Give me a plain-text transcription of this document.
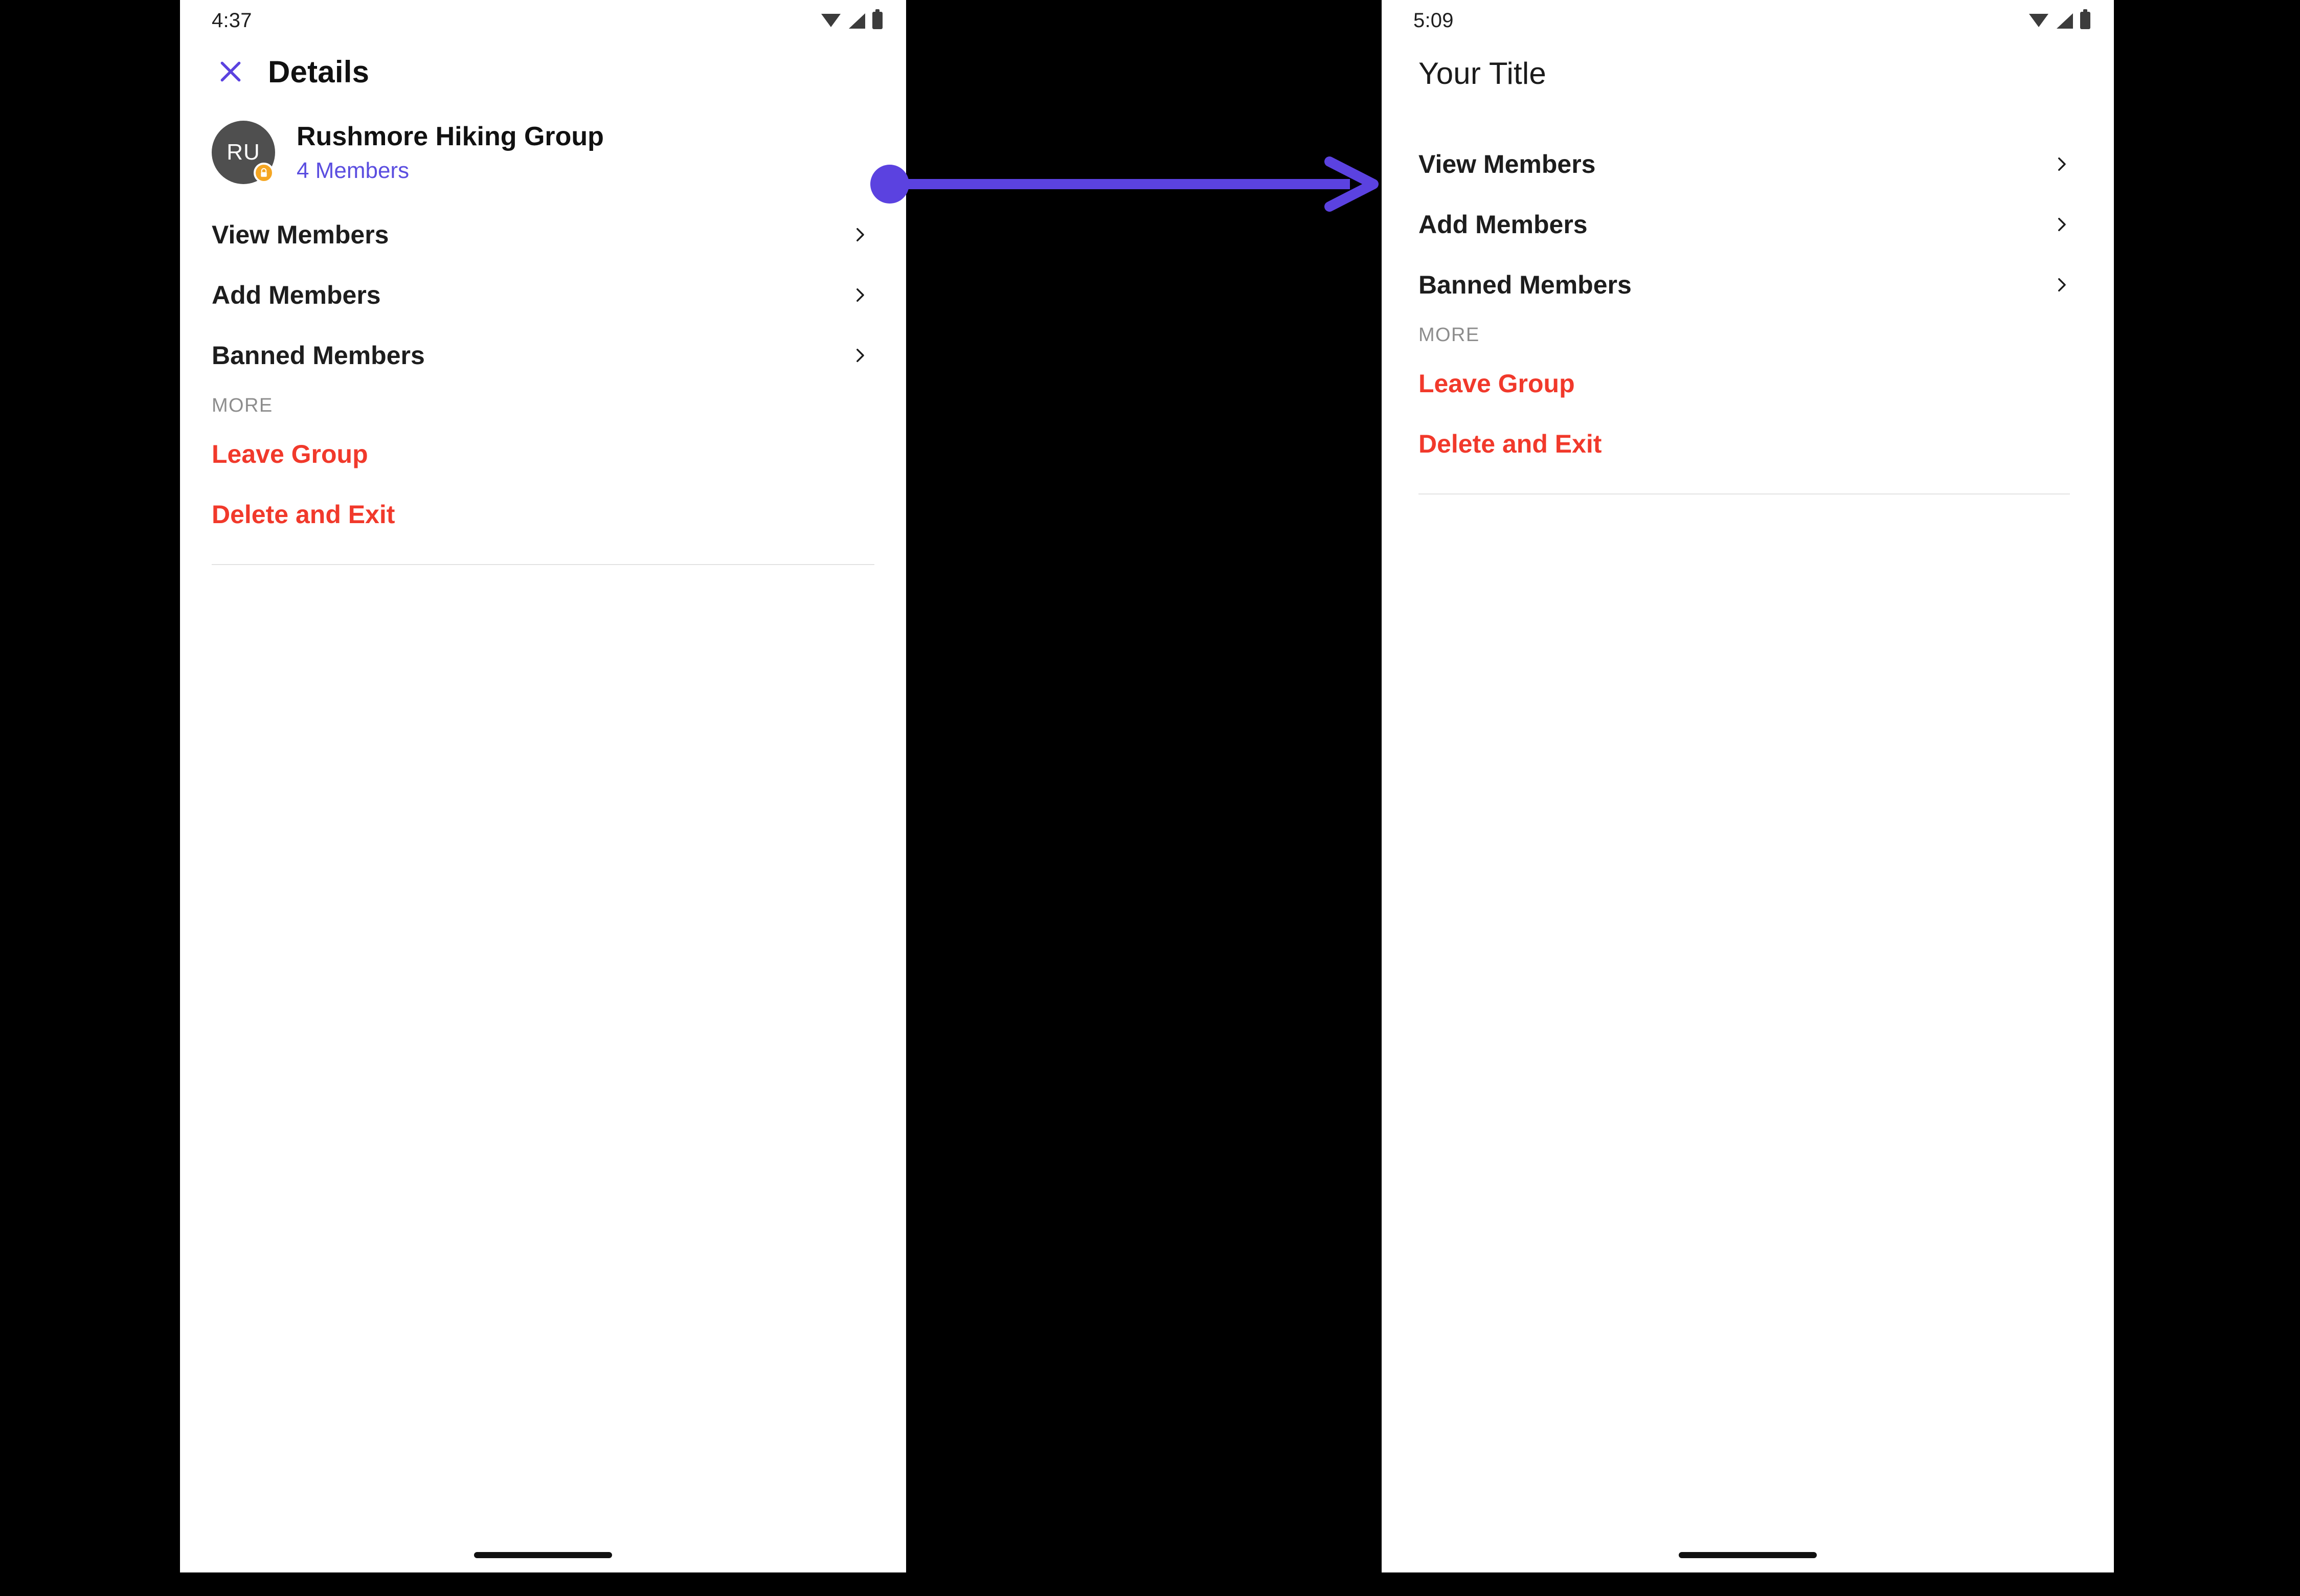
4:37
Details
RU
Rushmore Hiking Group
4 Members
View Members
Add Members
Banned Members
MORE
Leave Group
Delete and Exit
5:09
Your Title
View Members
Add Members
Banned Members
MORE
Leave Group
Delete and Exit
